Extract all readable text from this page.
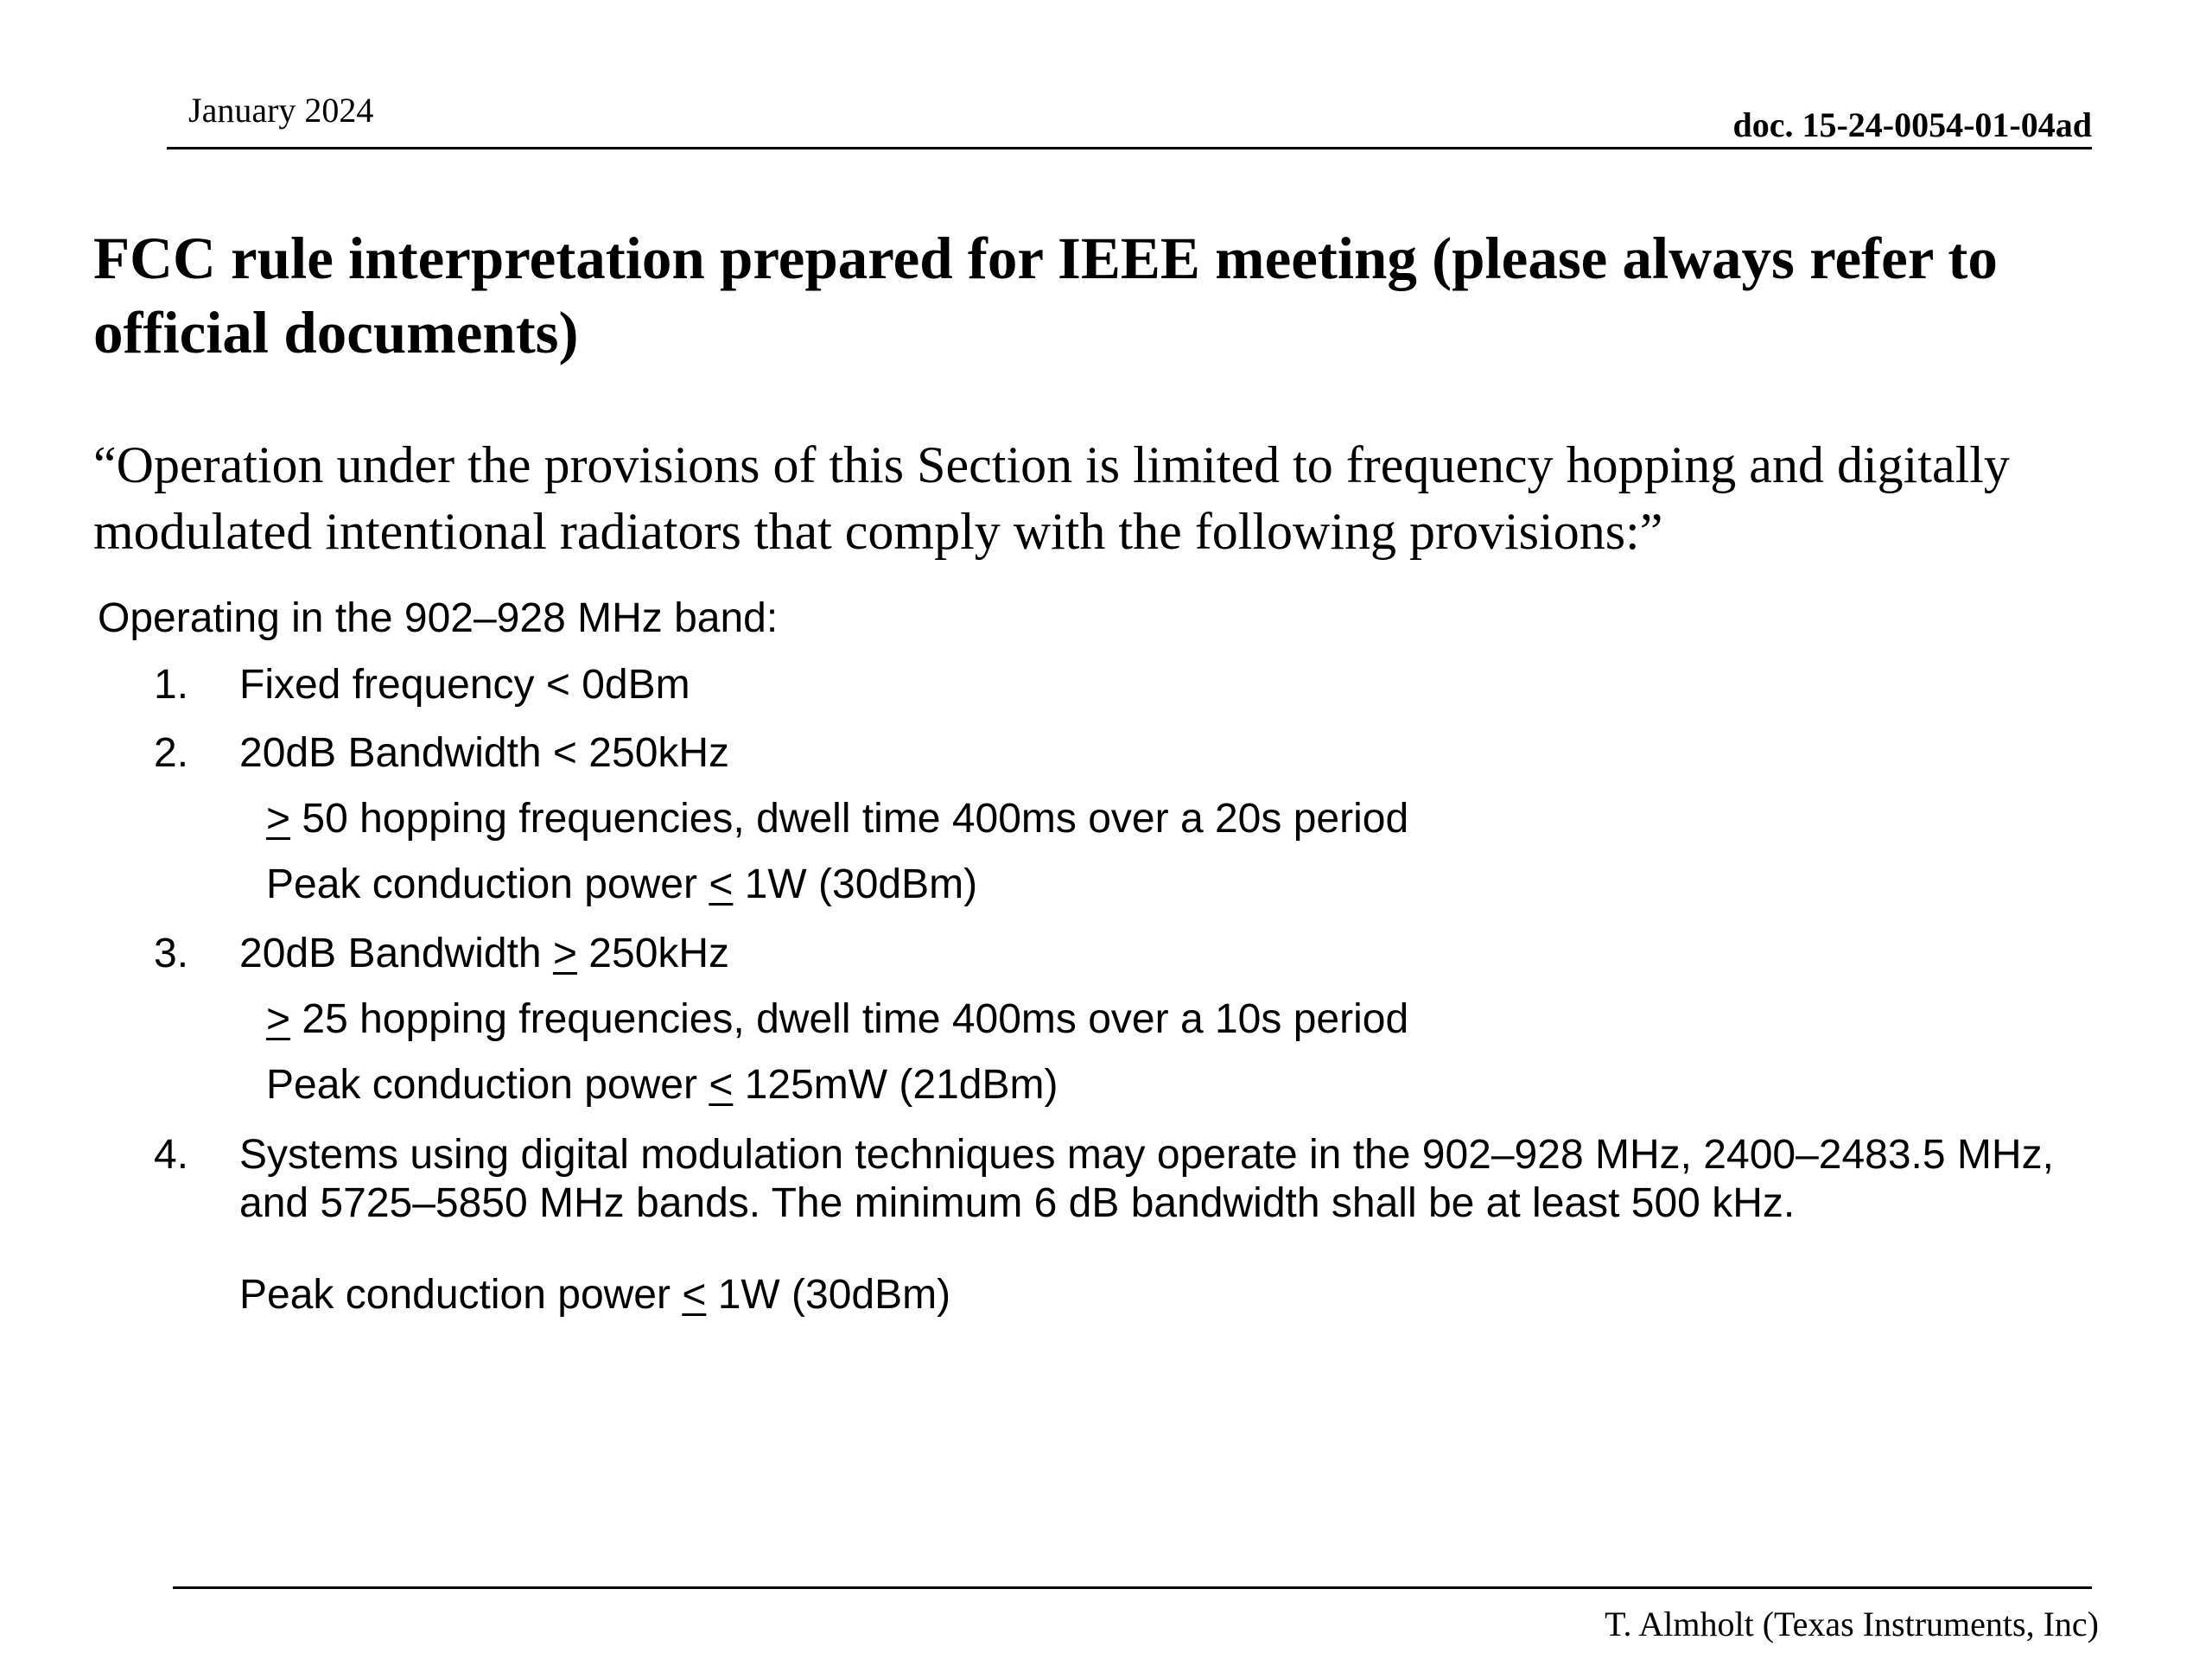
January 2024	doc. 15-24-0054-01-04ad
FCC rule interpretation prepared for IEEE meeting (please always refer to official documents)

“Operation under the provisions of this Section is limited to frequency hopping and digitally modulated intentional radiators that comply with the following provisions:”

Operating in the 902–928 MHz band:
1. Fixed frequency < 0dBm
2. 20dB Bandwidth < 250kHz
≥ 50 hopping frequencies, dwell time 400ms over a 20s period
Peak conduction power ≤ 1W (30dBm)
3. 20dB Bandwidth ≥ 250kHz
≥ 25 hopping frequencies, dwell time 400ms over a 10s period
Peak conduction power ≤ 125mW (21dBm)
4. Systems using digital modulation techniques may operate in the 902–928 MHz, 2400–2483.5 MHz, and 5725–5850 MHz bands. The minimum 6 dB bandwidth shall be at least 500 kHz.
Peak conduction power ≤ 1W (30dBm)
T. Almholt (Texas Instruments, Inc)
